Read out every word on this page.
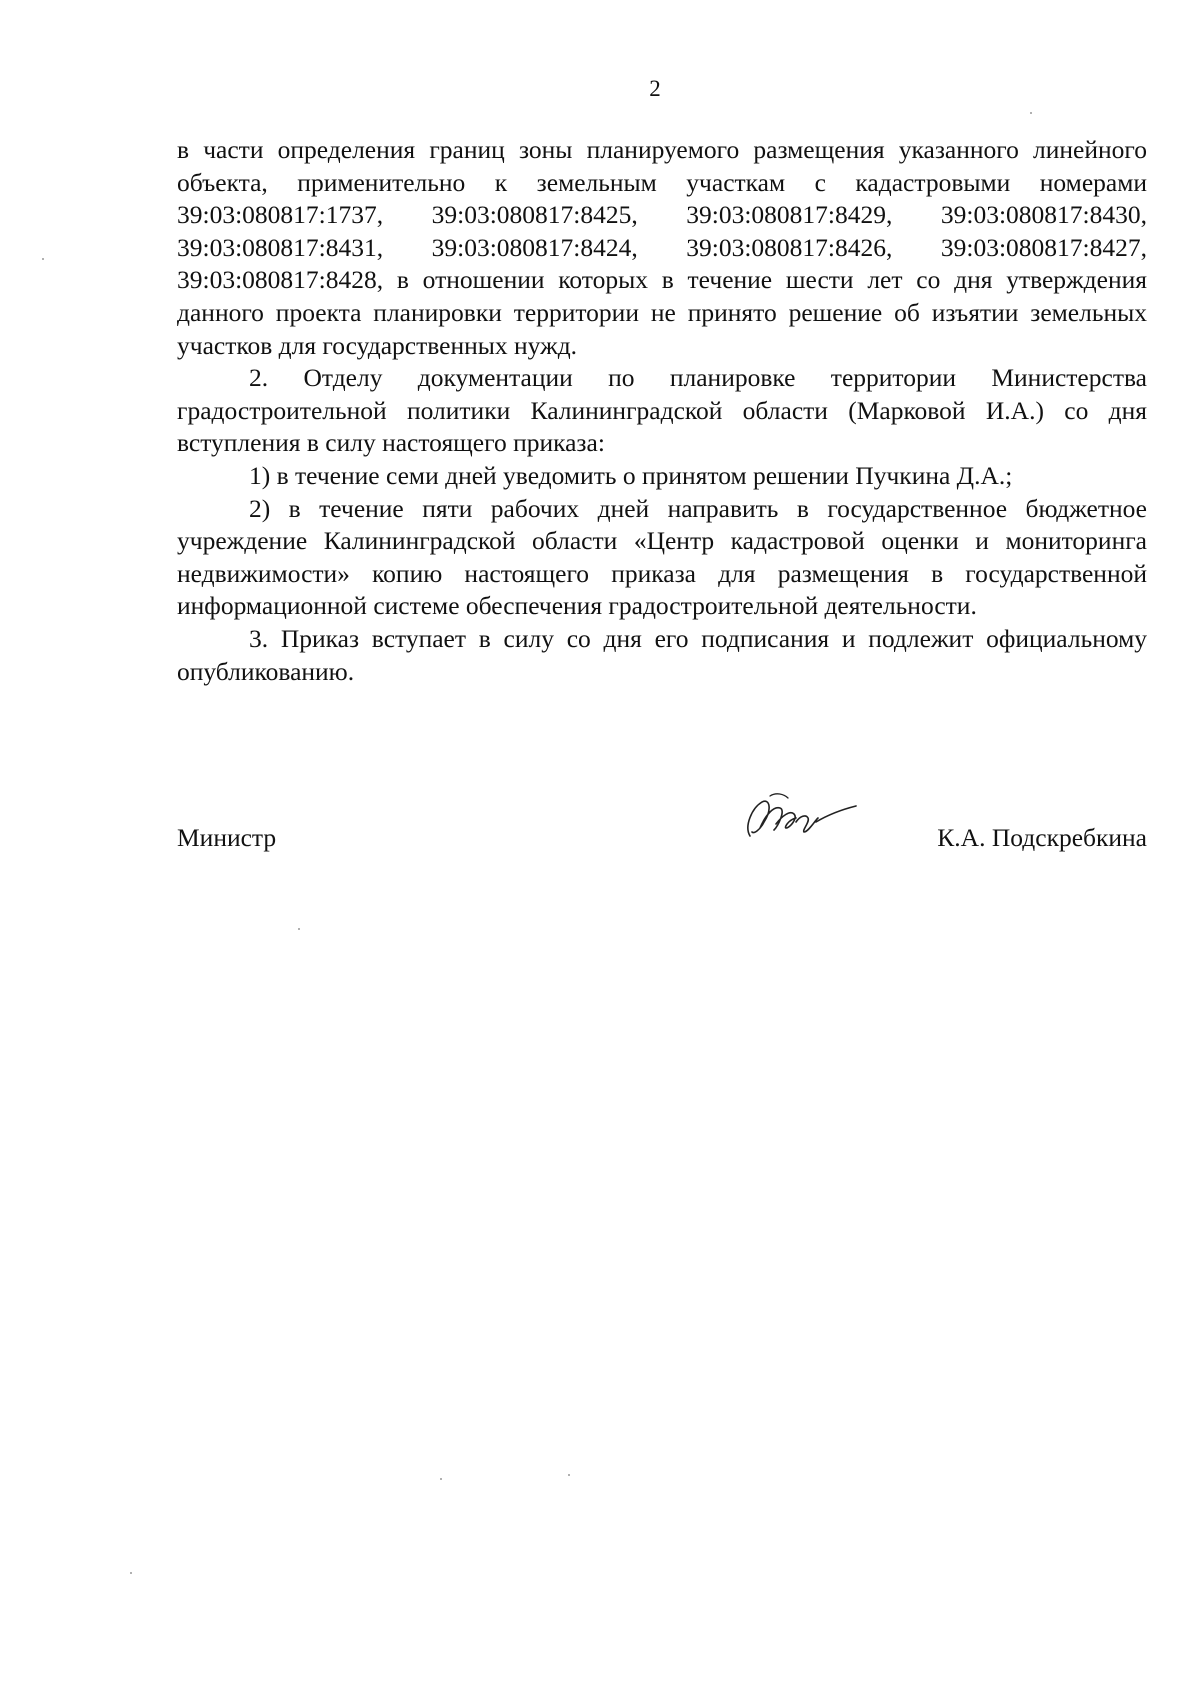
2

в части определения границ зоны планируемого размещения указанного линейного объекта, применительно к земельным участкам с кадастровыми номерами 39:03:080817:1737, 39:03:080817:8425, 39:03:080817:8429, 39:03:080817:8430, 39:03:080817:8431, 39:03:080817:8424, 39:03:080817:8426, 39:03:080817:8427, 39:03:080817:8428, в отношении которых в течение шести лет со дня утверждения данного проекта планировки территории не принято решение об изъятии земельных участков для государственных нужд.

2. Отделу документации по планировке территории Министерства градостроительной политики Калининградской области (Марковой И.А.) со дня вступления в силу настоящего приказа:

1) в течение семи дней уведомить о принятом решении Пучкина Д.А.;

2) в течение пяти рабочих дней направить в государственное бюджетное учреждение Калининградской области «Центр кадастровой оценки и мониторинга недвижимости» копию настоящего приказа для размещения в государственной информационной системе обеспечения градостроительной деятельности.

3. Приказ вступает в силу со дня его подписания и подлежит официальному опубликованию.

Министр	К.А. Подскребкина
